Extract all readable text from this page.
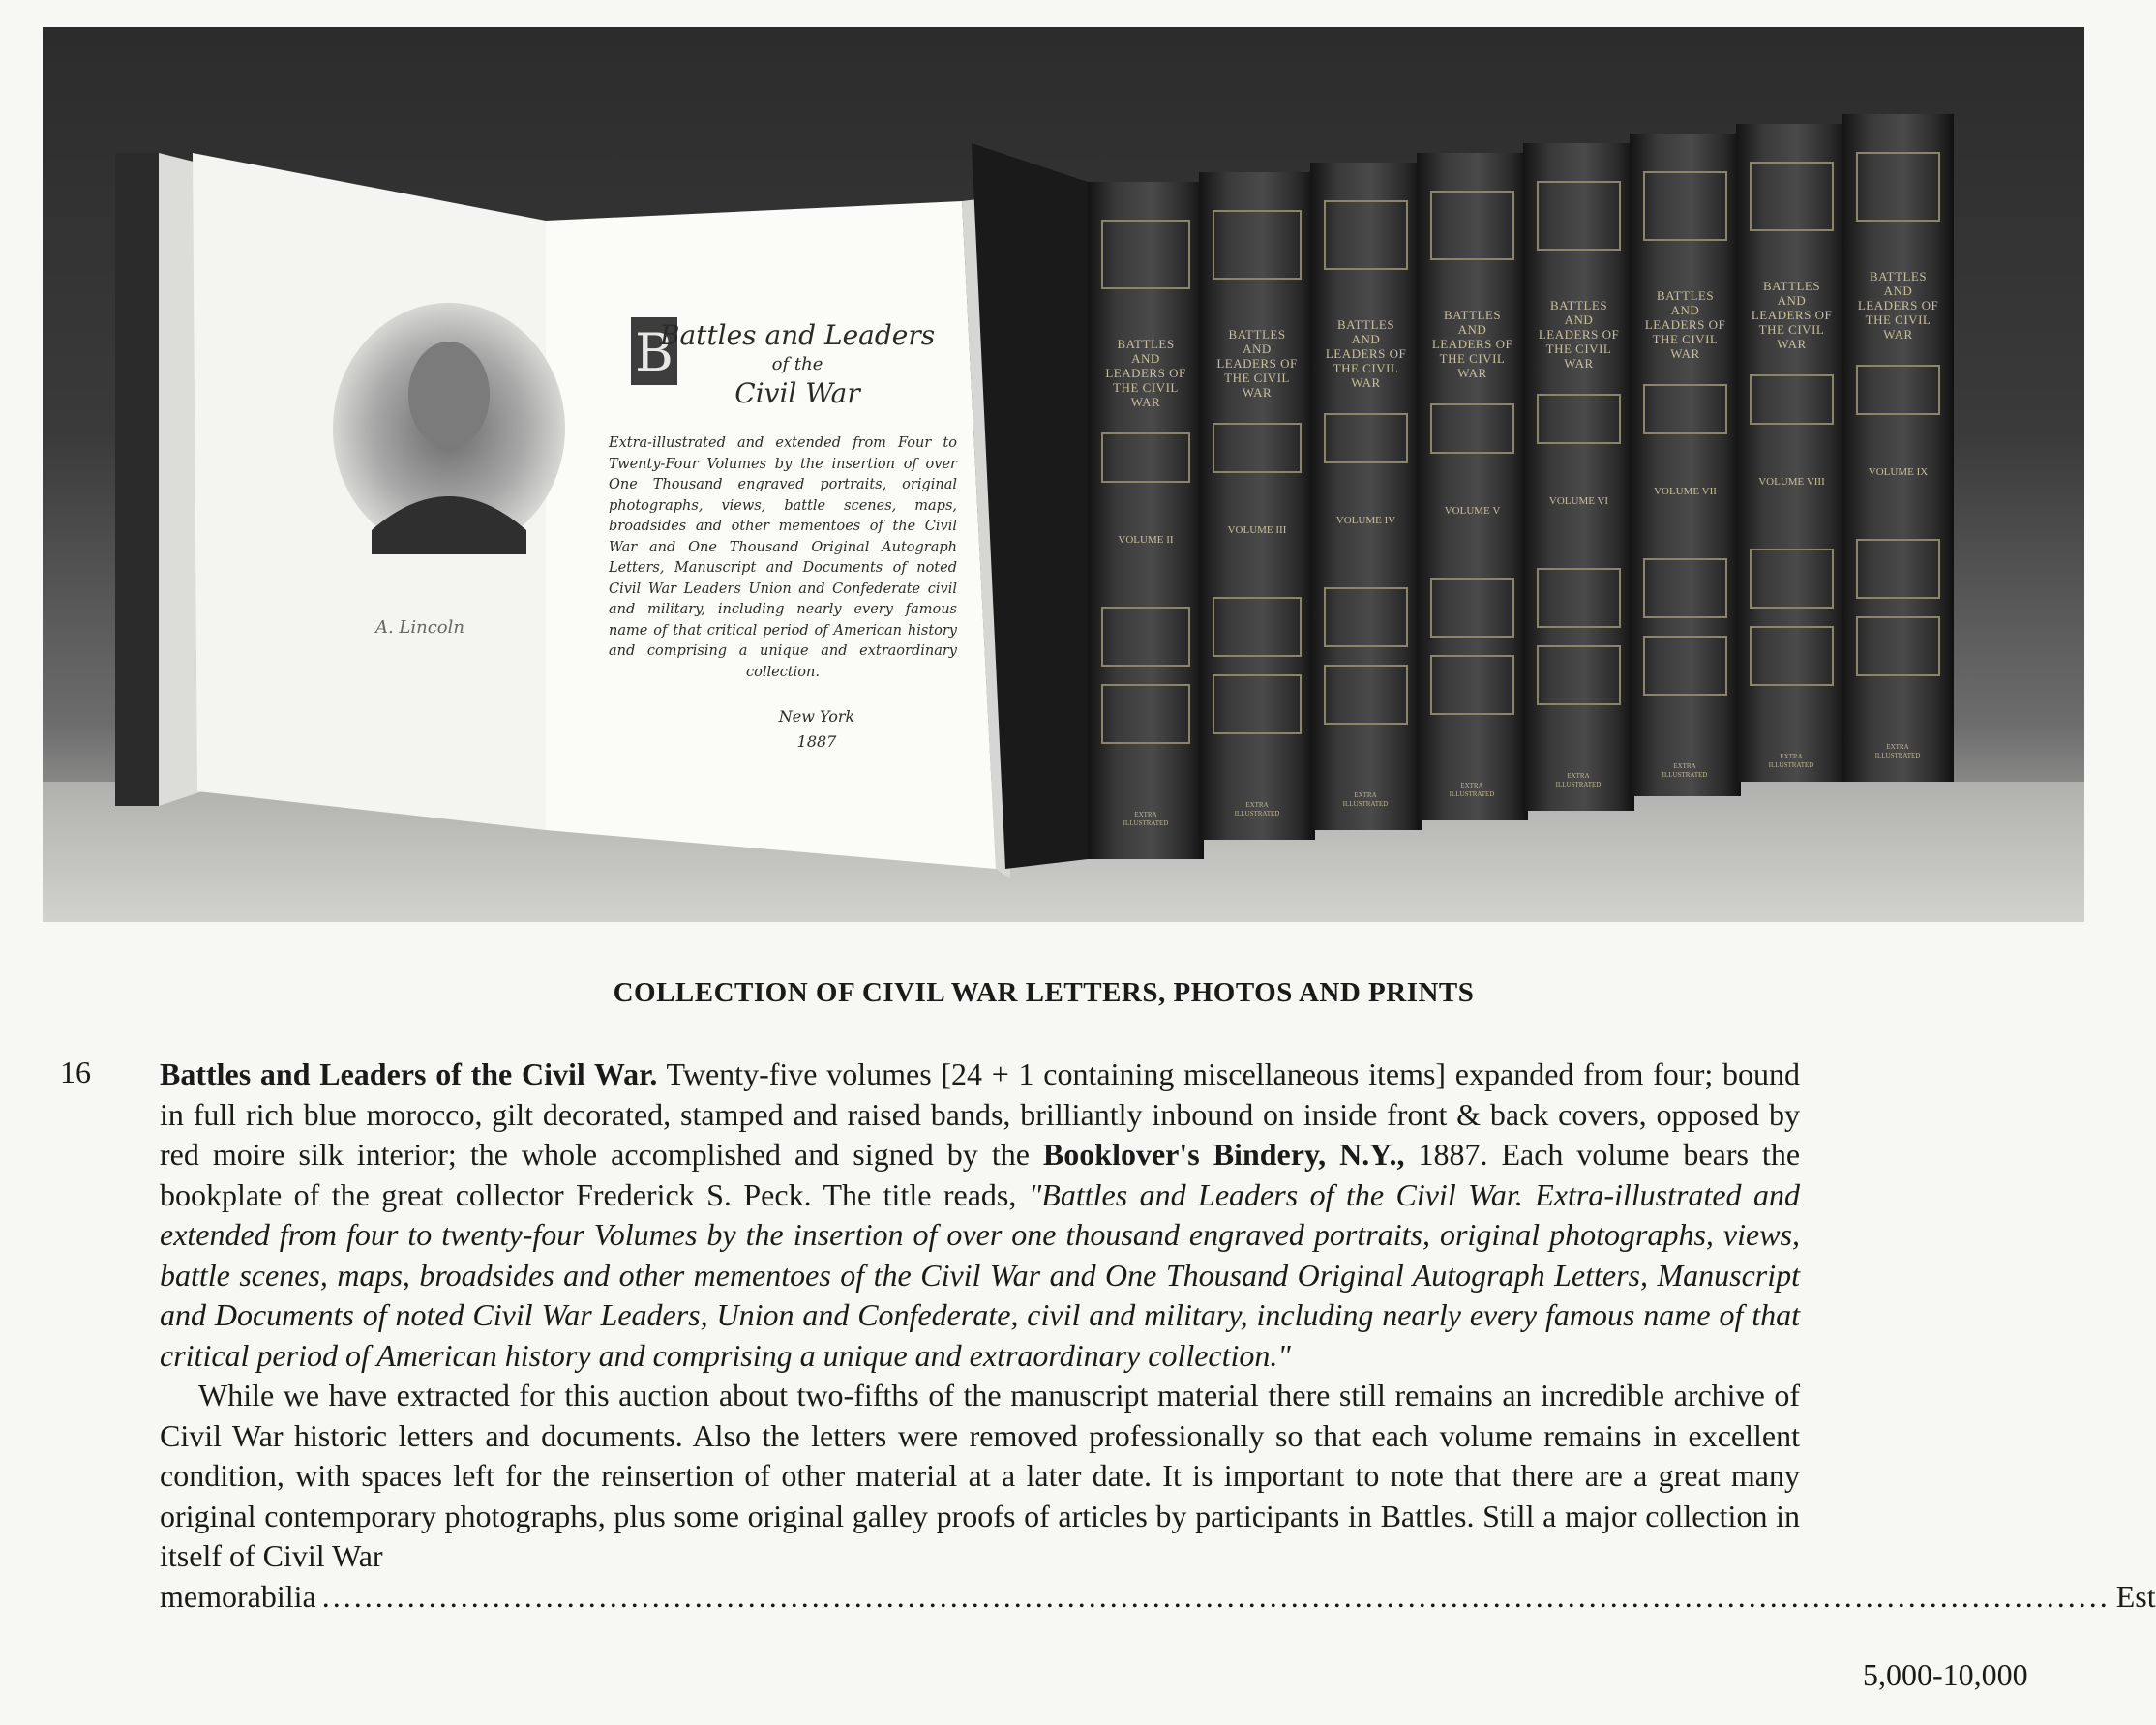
B
Battles and Leaders
of the
Civil War
Extra-illustrated and extended from Four to Twenty-Four Volumes by the insertion of over One Thousand engraved portraits, original photographs, views, battle scenes, maps, broadsides and other mementoes of the Civil War and One Thousand Original Autograph Letters, Manuscript and Documents of noted Civil War Leaders Union and Confederate civil and military, including nearly every famous name of that critical period of American history and comprising a unique and extraordinary collection.
New York
1887
A. Lincoln
BATTLES AND LEADERS OF THE CIVIL WAR
BATTLES AND LEADERS OF THE CIVIL WAR
BATTLES AND LEADERS OF THE CIVIL WAR
BATTLES AND LEADERS OF THE CIVIL WAR
BATTLES AND LEADERS OF THE CIVIL WAR
BATTLES AND LEADERS OF THE CIVIL WAR
BATTLES AND LEADERS OF THE CIVIL WAR
BATTLES AND LEADERS OF THE CIVIL WAR
VOLUME II
VOLUME III
VOLUME IV
VOLUME V
VOLUME VI
VOLUME VII
VOLUME VIII
VOLUME IX
EXTRA ILLUSTRATED
EXTRA ILLUSTRATED
EXTRA ILLUSTRATED
EXTRA ILLUSTRATED
EXTRA ILLUSTRATED
EXTRA ILLUSTRATED
EXTRA ILLUSTRATED
EXTRA ILLUSTRATED
COLLECTION OF CIVIL WAR LETTERS, PHOTOS AND PRINTS
16 Battles and Leaders of the Civil War. Twenty-five volumes [24 + 1 containing miscellaneous items] expanded from four; bound in full rich blue morocco, gilt decorated, stamped and raised bands, brilliantly inbound on inside front & back covers, opposed by red moire silk interior; the whole accomplished and signed by the Booklover's Bindery, N.Y., 1887. Each volume bears the bookplate of the great collector Frederick S. Peck. The title reads, "Battles and Leaders of the Civil War. Extra-illustrated and extended from four to twenty-four Volumes by the insertion of over one thousand engraved portraits, original photographs, views, battle scenes, maps, broadsides and other mementoes of the Civil War and One Thousand Original Autograph Letters, Manuscript and Documents of noted Civil War Leaders, Union and Confederate, civil and military, including nearly every famous name of that critical period of American history and comprising a unique and extraordinary collection."

While we have extracted for this auction about two-fifths of the manuscript material there still remains an incredible archive of Civil War historic letters and documents. Also the letters were removed professionally so that each volume remains in excellent condition, with spaces left for the reinsertion of other material at a later date. It is important to note that there are a great many original contemporary photographs, plus some original galley proofs of articles by participants in Battles. Still a major collection in itself of Civil War

memorabilia ........................................................................................................................................................................ Est
5,000-10,000
